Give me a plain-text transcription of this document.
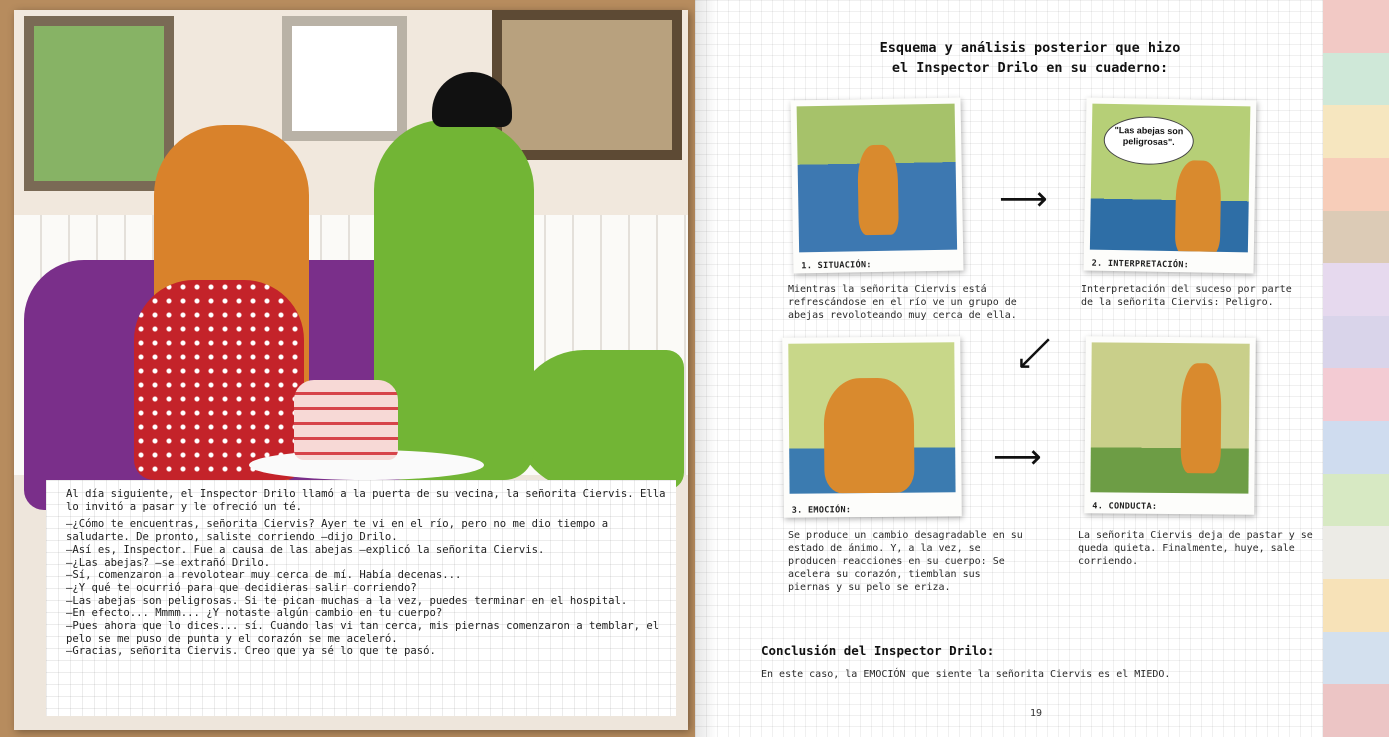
Al día siguiente, el Inspector Drilo llamó a la puerta de su vecina, la señorita Ciervis. Ella lo invitó a pasar y le ofreció un té.

–¿Cómo te encuentras, señorita Ciervis? Ayer te vi en el río, pero no me dio tiempo a saludarte. De pronto, saliste corriendo –dijo Drilo.

–Así es, Inspector. Fue a causa de las abejas –explicó la señorita Ciervis.

–¿Las abejas? –se extrañó Drilo.

–Sí, comenzaron a revolotear muy cerca de mí. Había decenas...

–¿Y qué te ocurrió para que decidieras salir corriendo?

–Las abejas son peligrosas. Si te pican muchas a la vez, puedes terminar en el hospital.

–En efecto... Mmmm... ¿Y notaste algún cambio en tu cuerpo?

–Pues ahora que lo dices... sí. Cuando las vi tan cerca, mis piernas comenzaron a temblar, el pelo se me puso de punta y el corazón se me aceleró.

–Gracias, señorita Ciervis. Creo que ya sé lo que te pasó.

Esquema y análisis posterior que hizo
el Inspector Drilo en su cuaderno:
1. SITUACIÓN:
"Las abejas son peligrosas".
2. INTERPRETACIÓN:
3. EMOCIÓN:	4. CONDUCTA:
⟶
⟶
⟶
Mientras la señorita Ciervis está refrescándose en el río ve un grupo de abejas revoloteando muy cerca de ella.
Interpretación del suceso por parte de la señorita Ciervis: Peligro.
Se produce un cambio desagradable en su estado de ánimo. Y, a la vez, se producen reacciones en su cuerpo: Se acelera su corazón, tiemblan sus piernas y su pelo se eriza.
La señorita Ciervis deja de pastar y se queda quieta. Finalmente, huye, sale corriendo.
Conclusión del Inspector Drilo:
En este caso, la EMOCIÓN que siente la señorita Ciervis es el MIEDO.
19
